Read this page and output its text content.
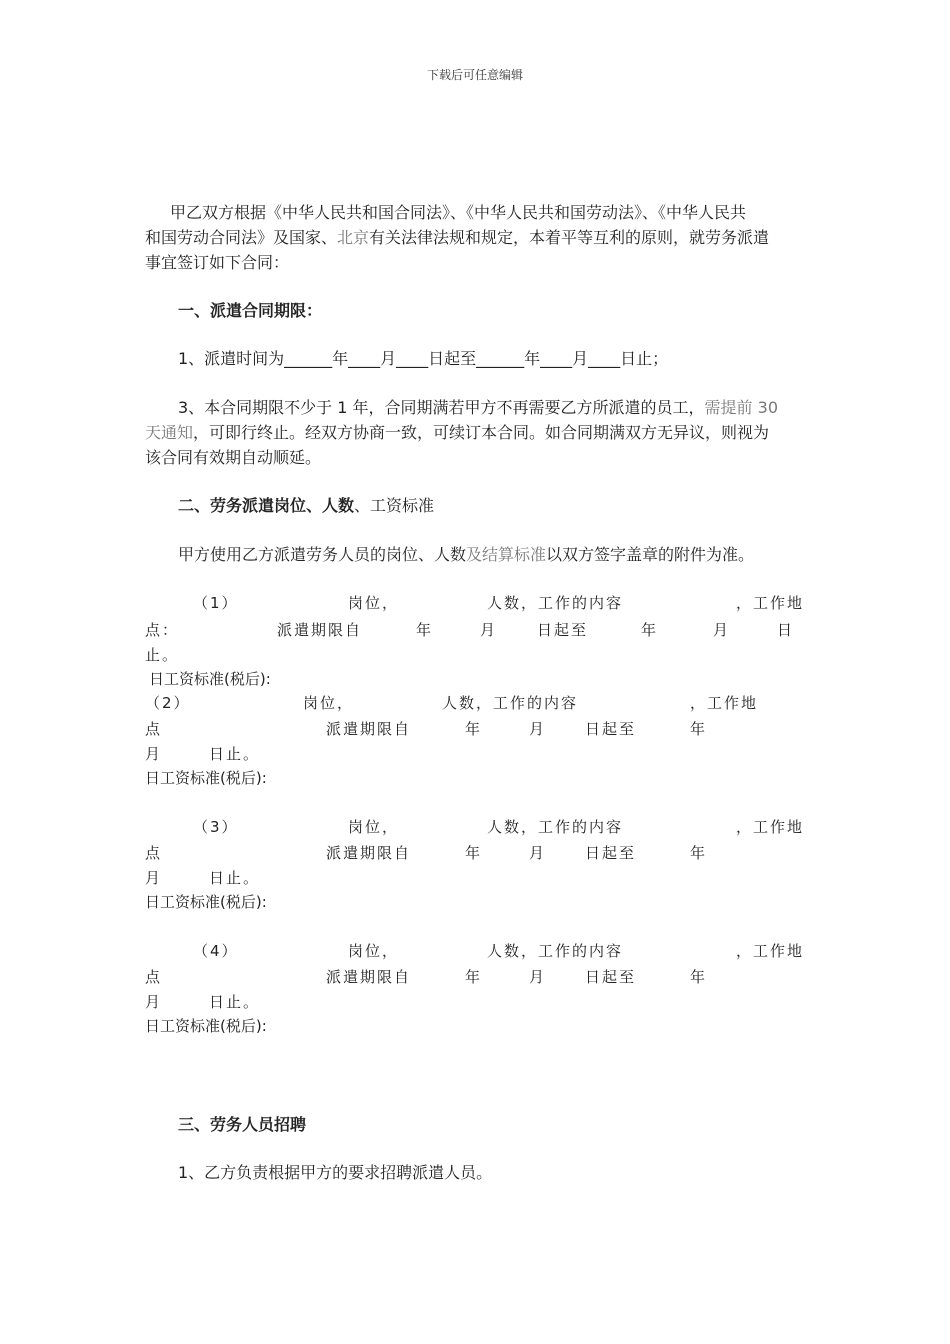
下载后可任意编辑
甲乙双方根据《中华人民共和国合同法》、《中华人民共和国劳动法》、《中华人民共
和国劳动合同法》及国家、北京有关法律法规和规定，本着平等互利的原则，就劳务派遣
事宜签订如下合同：
一、派遣合同期限：
1、派遣时间为______年____月____日起至______年____月____日止；
3、本合同期限不少于 1 年，合同期满若甲方不再需要乙方所派遣的员工，需提前 30
天通知，可即行终止。经双方协商一致，可续订本合同。如合同期满双方无异议，则视为
该合同有效期自动顺延。
二、劳务派遣岗位、人数、工资标准
甲方使用乙方派遣劳务人员的岗位、人数及结算标准以双方签字盖章的附件为准。
（1）	岗位，	人数，工作的内容	，工作地
点：	派遣期限自	年	月	日起至	年	月	日
止。
日工资标准(税后):
（2）	岗位，	人数，工作的内容	，工作地
点	派遣期限自	年	月	日起至	年
月	日止。
日工资标准(税后):
（3）	岗位，	人数，工作的内容	，工作地
点	派遣期限自	年	月	日起至	年
月	日止。
日工资标准(税后):
（4）	岗位，	人数，工作的内容	，工作地
点	派遣期限自	年	月	日起至	年
月	日止。
日工资标准(税后):
三、劳务人员招聘
1、乙方负责根据甲方的要求招聘派遣人员。
